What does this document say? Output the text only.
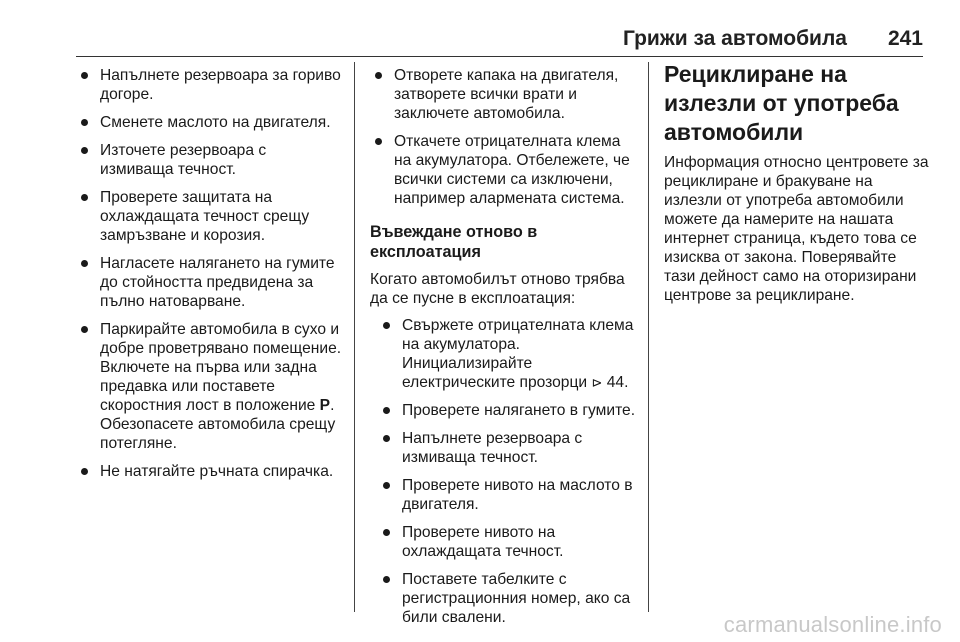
Грижи за автомобила 241
Напълнете резервоара за гориво догоре.
Сменете маслото на двигателя.
Източете резервоара с измиваща течност.
Проверете защитата на охлаждащата течност срещу замръзване и корозия.
Нагласете налягането на гумите до стойността предвидена за пълно натоварване.
Паркирайте автомобила в сухо и добре проветрявано помещение. Включете на първа или задна предавка или поставете скоростния лост в положение P. Обезопасете автомобила срещу потегляне.
Не натягайте ръчната спирачка.
Отворете капака на двигателя, затворете всички врати и заключете автомобила.
Откачете отрицателната клема на акумулатора. Отбележете, че всички системи са изключени, например алармената система.
Въвеждане отново в експлоатация

Когато автомобилът отново трябва да се пусне в експлоатация:

Свържете отрицателната клема на акумулатора. Инициализирайте електрическите прозорци ⊳ 44.
Проверете налягането в гумите.
Напълнете резервоара с измиваща течност.
Проверете нивото на маслото в двигателя.
Проверете нивото на охлаждащата течност.
Поставете табелките с регистрационния номер, ако са били свалени.
Рециклиране на излезли от употреба автомобили

Информация относно центровете за рециклиране и бракуване на излезли от употреба автомобили можете да намерите на нашата интернет страница, където това се изисква от закона. Поверявайте тази дейност само на оторизирани центрове за рециклиране.

carmanualsonline.info
